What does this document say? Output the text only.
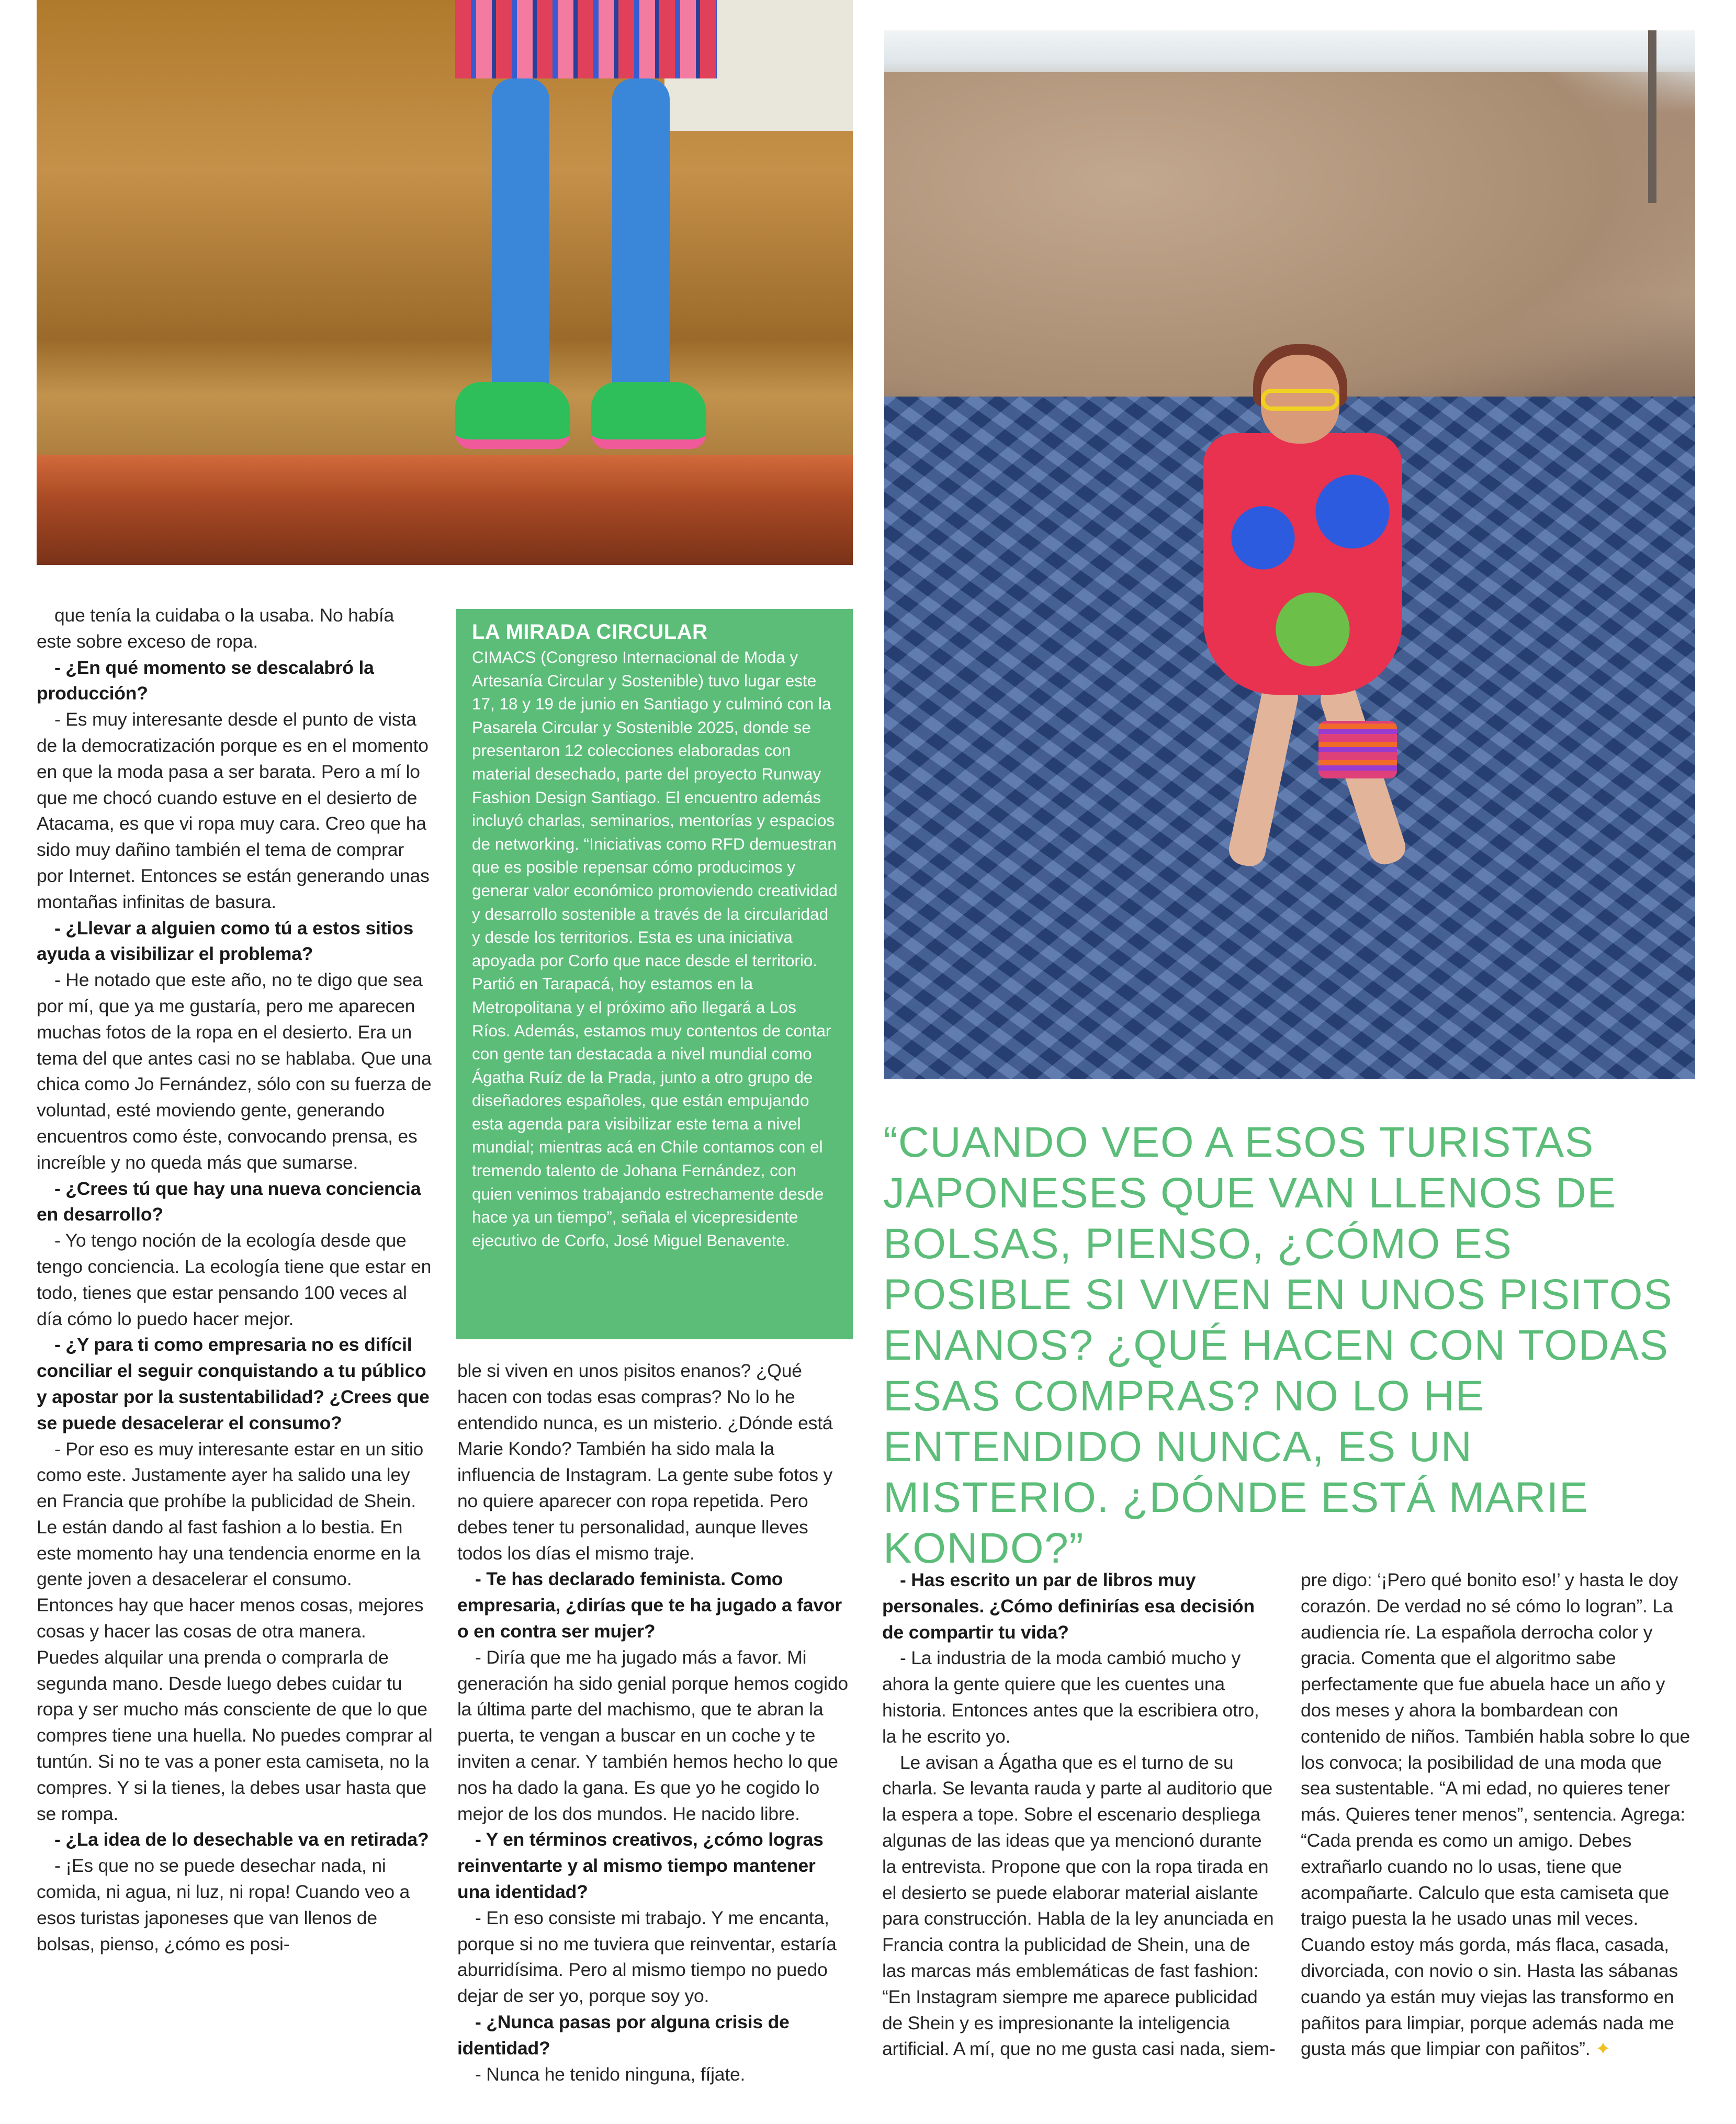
LA MIRADA CIRCULAR

CIMACS (Congreso Internacional de Moda y Artesanía Circular y Sostenible) tuvo lugar este 17, 18 y 19 de junio en Santiago y culminó con la Pasarela Circular y Sostenible 2025, donde se presentaron 12 colecciones elaboradas con material desechado, parte del proyecto Runway Fashion Design Santiago. El encuentro además incluyó charlas, seminarios, mentorías y espacios de networking. “Iniciativas como RFD demuestran que es posible repensar cómo producimos y generar valor económico promoviendo creatividad y desarrollo sostenible a través de la circularidad y desde los territorios. Esta es una iniciativa apoyada por Corfo que nace desde el territorio. Partió en Tarapacá, hoy estamos en la Metropolitana y el próximo año llegará a Los Ríos. Además, estamos muy contentos de contar con gente tan destacada a nivel mundial como Ágatha Ruíz de la Prada, junto a otro grupo de diseñadores españoles, que están empujando esta agenda para visibilizar este tema a nivel mundial; mientras acá en Chile contamos con el tremendo talento de Johana Fernández, con quien venimos trabajando estrechamente desde hace ya un tiempo”, señala el vicepresidente ejecutivo de Corfo, José Miguel Benavente.

“CUANDO VEO A ESOS TURISTAS JAPONESES QUE VAN LLENOS DE BOLSAS, PIENSO, ¿CÓMO ES POSIBLE SI VIVEN EN UNOS PISITOS ENANOS? ¿QUÉ HACEN CON TODAS ESAS COMPRAS? NO LO HE ENTENDIDO NUNCA, ES UN MISTERIO. ¿DÓNDE ESTÁ MARIE KONDO?”

que tenía la cuidaba o la usaba. No había este sobre exceso de ropa.

- ¿En qué momento se descalabró la producción?

- Es muy interesante desde el punto de vista de la democratización porque es en el momento en que la moda pasa a ser barata. Pero a mí lo que me chocó cuando estuve en el desierto de Atacama, es que vi ropa muy cara. Creo que ha sido muy dañino también el tema de comprar por Internet. Entonces se están generando unas montañas infinitas de basura.

- ¿Llevar a alguien como tú a estos sitios ayuda a visibilizar el problema?

- He notado que este año, no te digo que sea por mí, que ya me gustaría, pero me aparecen muchas fotos de la ropa en el desierto. Era un tema del que antes casi no se hablaba. Que una chica como Jo Fernández, sólo con su fuerza de voluntad, esté moviendo gente, generando encuentros como éste, convocando prensa, es increíble y no queda más que sumarse.

- ¿Crees tú que hay una nueva conciencia en desarrollo?

- Yo tengo noción de la ecología desde que tengo conciencia. La ecología tiene que estar en todo, tienes que estar pensando 100 veces al día cómo lo puedo hacer mejor.

- ¿Y para ti como empresaria no es difícil conciliar el seguir conquistando a tu público y apostar por la sustentabilidad? ¿Crees que se puede desacelerar el consumo?

- Por eso es muy interesante estar en un sitio como este. Justamente ayer ha salido una ley en Francia que prohíbe la publicidad de Shein. Le están dando al fast fashion a lo bestia. En este momento hay una tendencia enorme en la gente joven a desacelerar el consumo. Entonces hay que hacer menos cosas, mejores cosas y hacer las cosas de otra manera. Puedes alquilar una prenda o comprarla de segunda mano. Desde luego debes cuidar tu ropa y ser mucho más consciente de que lo que compres tiene una huella. No puedes comprar al tuntún. Si no te vas a poner esta camiseta, no la compres. Y si la tienes, la debes usar hasta que se rompa.

- ¿La idea de lo desechable va en retirada?

- ¡Es que no se puede desechar nada, ni comida, ni agua, ni luz, ni ropa! Cuando veo a esos turistas japoneses que van llenos de bolsas, pienso, ¿cómo es posi-

ble si viven en unos pisitos enanos? ¿Qué hacen con todas esas compras? No lo he entendido nunca, es un misterio. ¿Dónde está Marie Kondo? También ha sido mala la influencia de Instagram. La gente sube fotos y no quiere aparecer con ropa repetida. Pero debes tener tu personalidad, aunque lleves todos los días el mismo traje.

- Te has declarado feminista. Como empresaria, ¿dirías que te ha jugado a favor o en contra ser mujer?

- Diría que me ha jugado más a favor. Mi generación ha sido genial porque hemos cogido la última parte del machismo, que te abran la puerta, te vengan a buscar en un coche y te inviten a cenar. Y también hemos hecho lo que nos ha dado la gana. Es que yo he cogido lo mejor de los dos mundos. He nacido libre.

- Y en términos creativos, ¿cómo logras reinventarte y al mismo tiempo mantener una identidad?

- En eso consiste mi trabajo. Y me encanta, porque si no me tuviera que reinventar, estaría aburridísima. Pero al mismo tiempo no puedo dejar de ser yo, porque soy yo.

- ¿Nunca pasas por alguna crisis de identidad?

- Nunca he tenido ninguna, fíjate.

- Has escrito un par de libros muy personales. ¿Cómo definirías esa decisión de compartir tu vida?

- La industria de la moda cambió mucho y ahora la gente quiere que les cuentes una historia. Entonces antes que la escribiera otro, la he escrito yo.

Le avisan a Ágatha que es el turno de su charla. Se levanta rauda y parte al auditorio que la espera a tope. Sobre el escenario despliega algunas de las ideas que ya mencionó durante la entrevista. Propone que con la ropa tirada en el desierto se puede elaborar material aislante para construcción. Habla de la ley anunciada en Francia contra la publicidad de Shein, una de las marcas más emblemáticas de fast fashion: “En Instagram siempre me aparece publicidad de Shein y es impresionante la inteligencia artificial. A mí, que no me gusta casi nada, siem-

pre digo: ‘¡Pero qué bonito eso!’ y hasta le doy corazón. De verdad no sé cómo lo logran”. La audiencia ríe. La española derrocha color y gracia. Comenta que el algoritmo sabe perfectamente que fue abuela hace un año y dos meses y ahora la bombardean con contenido de niños. También habla sobre lo que los convoca; la posibilidad de una moda que sea sustentable. “A mi edad, no quieres tener más. Quieres tener menos”, sentencia. Agrega: “Cada prenda es como un amigo. Debes extrañarlo cuando no lo usas, tiene que acompañarte. Calculo que esta camiseta que traigo puesta la he usado unas mil veces. Cuando estoy más gorda, más flaca, casada, divorciada, con novio o sin. Hasta las sábanas cuando ya están muy viejas las transformo en pañitos para limpiar, porque además nada me gusta más que limpiar con pañitos”. ✦
